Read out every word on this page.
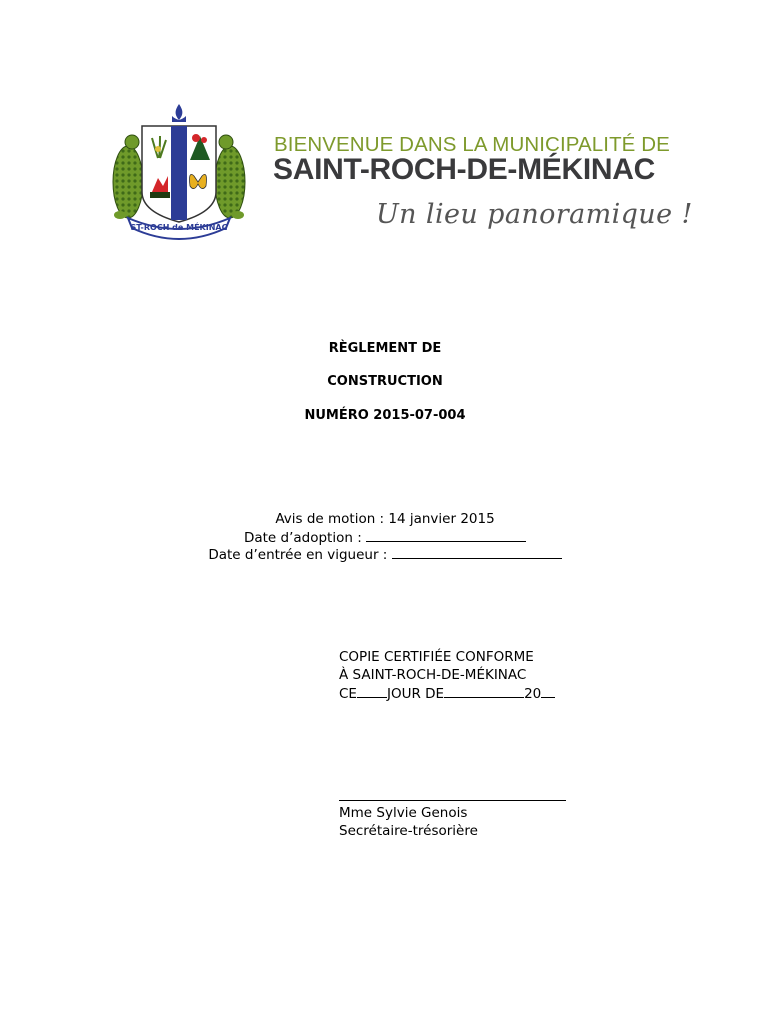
ST-ROCH de MÉKINAC
BIENVENUE DANS LA MUNICIPALITÉ DE
SAINT-ROCH-DE-MÉKINAC
Un lieu panoramique !
RÈGLEMENT DE
CONSTRUCTION
NUMÉRO 2015-07-004
Avis de motion : 14 janvier 2015
Date d’adoption :
Date d’entrée en vigueur :
COPIE CERTIFIÉE CONFORME
À SAINT-ROCH-DE-MÉKINAC
CE JOUR DE	20
Mme Sylvie Genois
Secrétaire-trésorière
